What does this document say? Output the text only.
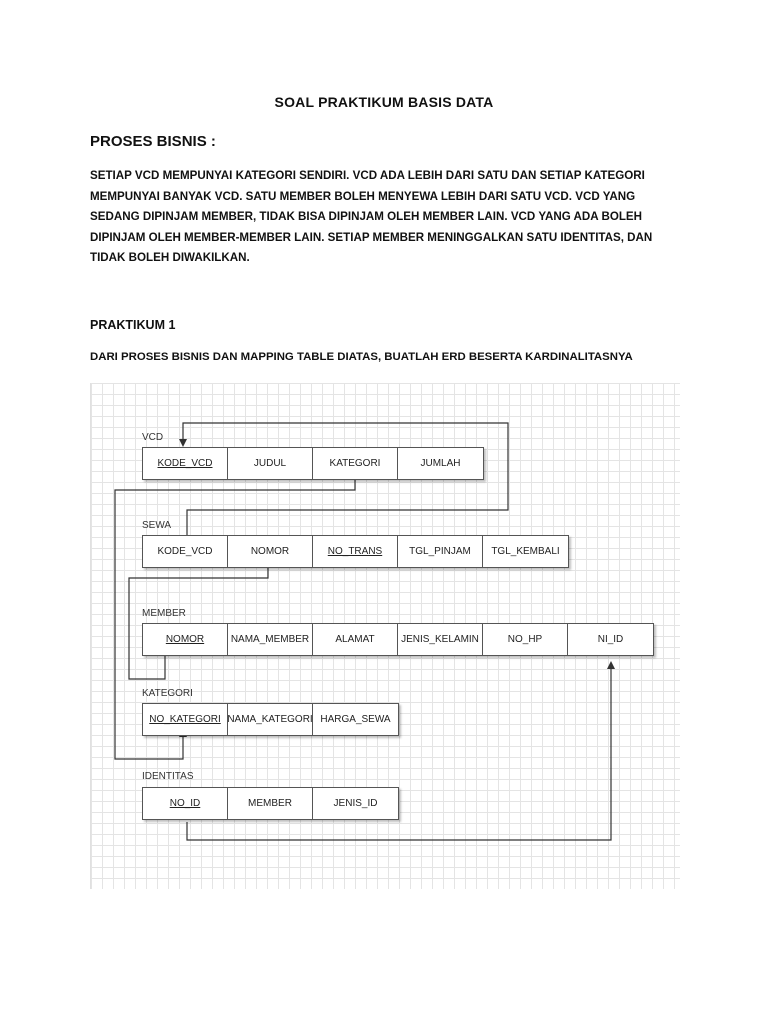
SOAL PRAKTIKUM BASIS DATA
PROSES BISNIS :
SETIAP VCD MEMPUNYAI KATEGORI SENDIRI. VCD ADA LEBIH DARI SATU DAN SETIAP KATEGORI
MEMPUNYAI BANYAK VCD. SATU MEMBER BOLEH MENYEWA LEBIH DARI SATU VCD. VCD YANG
SEDANG DIPINJAM MEMBER, TIDAK BISA DIPINJAM OLEH MEMBER LAIN. VCD YANG ADA BOLEH
DIPINJAM OLEH MEMBER-MEMBER LAIN. SETIAP MEMBER MENINGGALKAN SATU IDENTITAS, DAN
TIDAK BOLEH DIWAKILKAN.
PRAKTIKUM 1
DARI PROSES BISNIS DAN MAPPING TABLE DIATAS, BUATLAH ERD BESERTA KARDINALITASNYA
VCD
KODE_VCD	JUDUL	KATEGORI	JUMLAH
SEWA
KODE_VCD	NOMOR	NO_TRANS	TGL_PINJAM	TGL_KEMBALI
MEMBER
NOMOR	NAMA_MEMBER	ALAMAT	JENIS_KELAMIN	NO_HP	NI_ID
KATEGORI
NO_KATEGORI NAMA_KATEGORI HARGA_SEWA
IDENTITAS
NO_ID	MEMBER	JENIS_ID
